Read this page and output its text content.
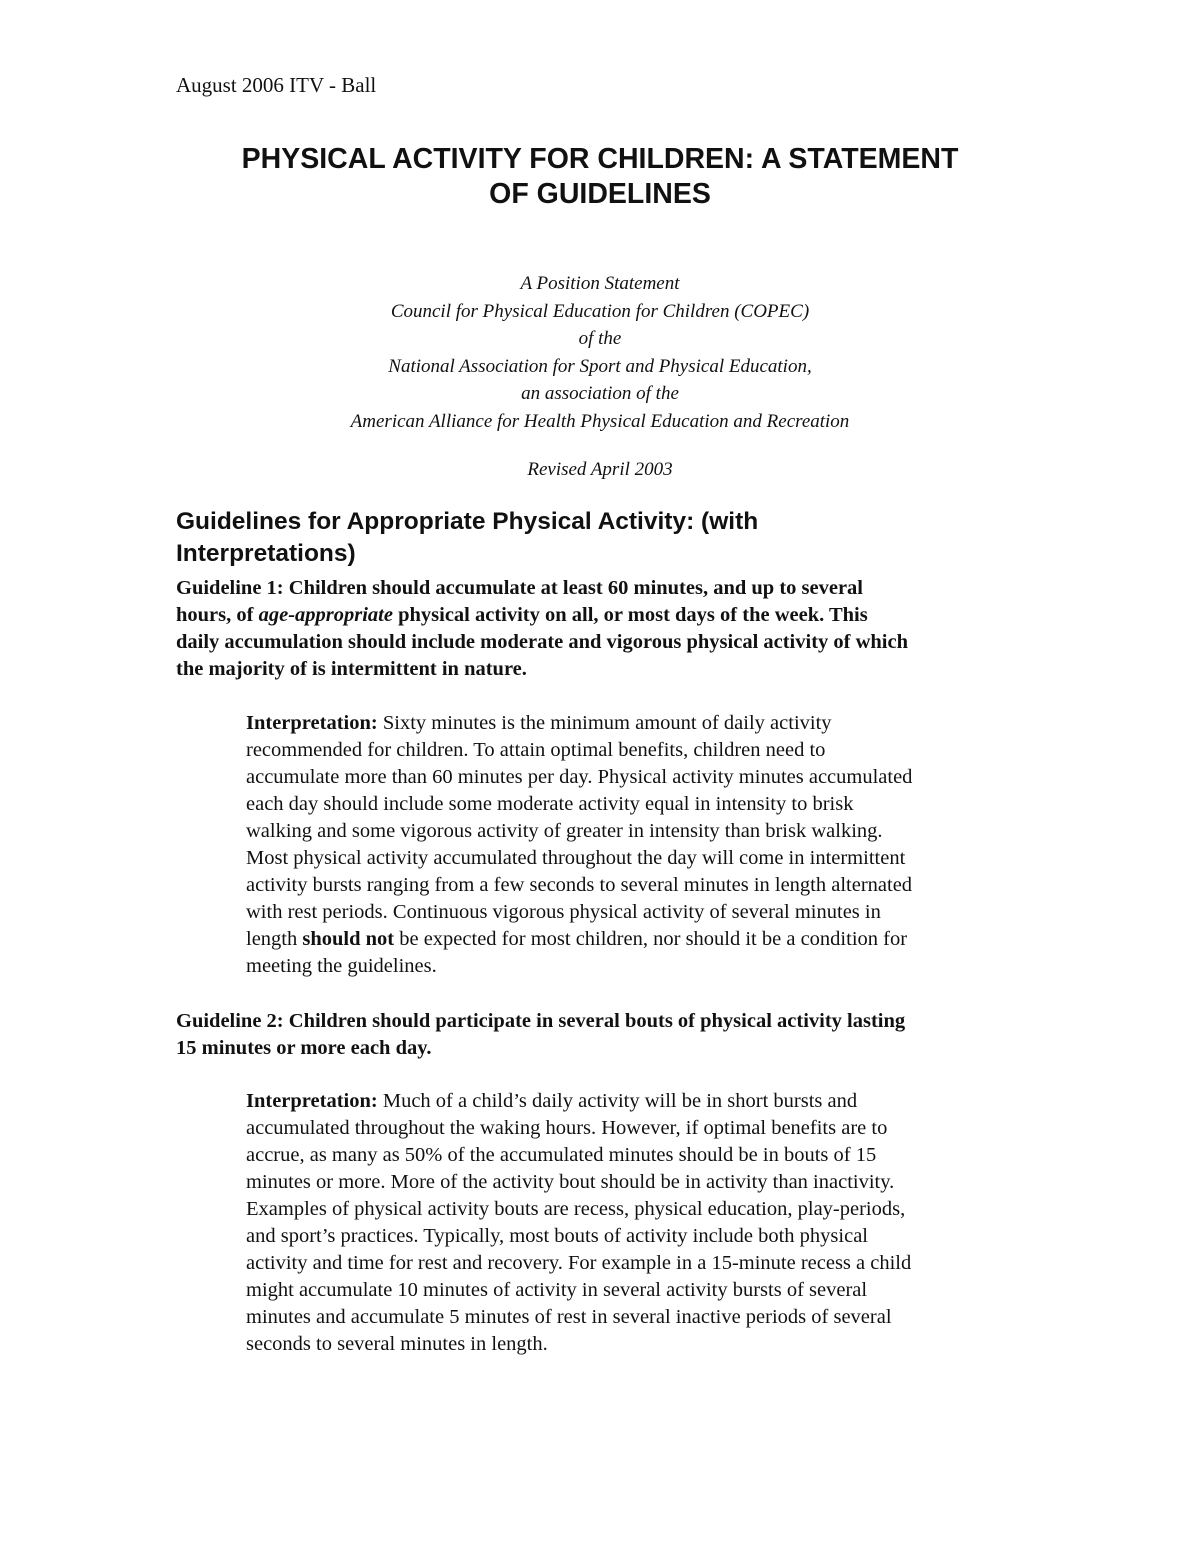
August 2006 ITV - Ball
PHYSICAL ACTIVITY FOR CHILDREN: A STATEMENT
OF GUIDELINES
A Position Statement
Council for Physical Education for Children (COPEC)
of the
National Association for Sport and Physical Education,
an association of the
American Alliance for Health Physical Education and Recreation
Revised April 2003
Guidelines for Appropriate Physical Activity: (with
Interpretations)
Guideline 1: Children should accumulate at least 60 minutes, and up to several
hours, of age-appropriate physical activity on all, or most days of the week. This
daily accumulation should include moderate and vigorous physical activity of which
the majority of is intermittent in nature.
Interpretation: Sixty minutes is the minimum amount of daily activity
recommended for children. To attain optimal benefits, children need to
accumulate more than 60 minutes per day. Physical activity minutes accumulated
each day should include some moderate activity equal in intensity to brisk
walking and some vigorous activity of greater in intensity than brisk walking.
Most physical activity accumulated throughout the day will come in intermittent
activity bursts ranging from a few seconds to several minutes in length alternated
with rest periods. Continuous vigorous physical activity of several minutes in
length should not be expected for most children, nor should it be a condition for
meeting the guidelines.
Guideline 2: Children should participate in several bouts of physical activity lasting
15 minutes or more each day.
Interpretation: Much of a child’s daily activity will be in short bursts and
accumulated throughout the waking hours. However, if optimal benefits are to
accrue, as many as 50% of the accumulated minutes should be in bouts of 15
minutes or more. More of the activity bout should be in activity than inactivity.
Examples of physical activity bouts are recess, physical education, play-periods,
and sport’s practices. Typically, most bouts of activity include both physical
activity and time for rest and recovery. For example in a 15-minute recess a child
might accumulate 10 minutes of activity in several activity bursts of several
minutes and accumulate 5 minutes of rest in several inactive periods of several
seconds to several minutes in length.
